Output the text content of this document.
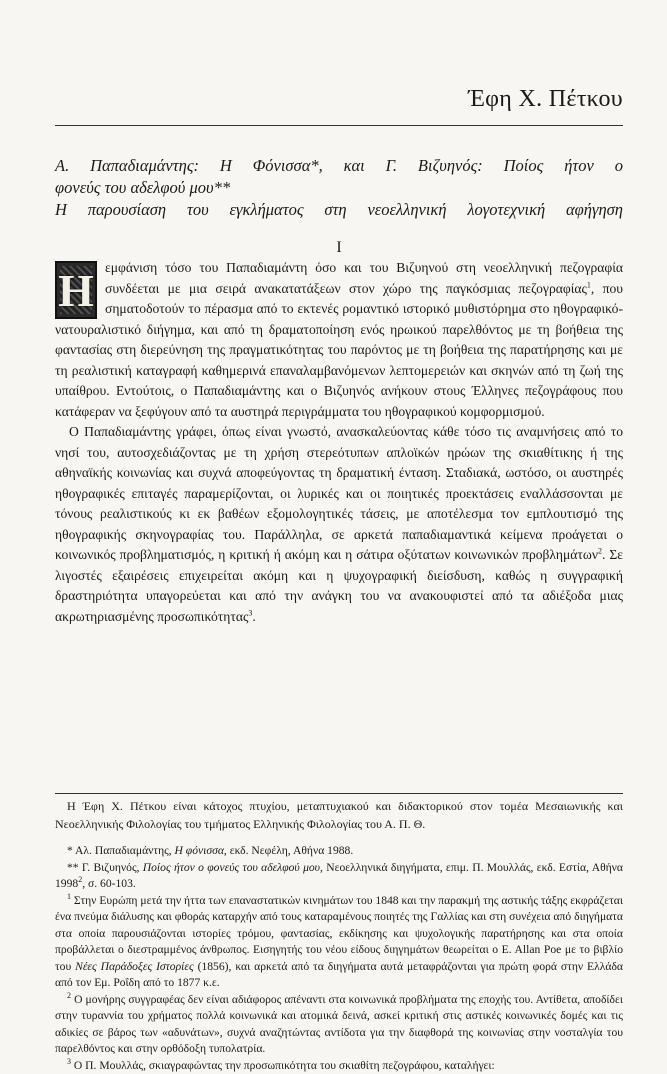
Έφη Χ. Πέτκου
Α. Παπαδιαμάντης: Η Φόνισσα*, και Γ. Βιζυηνός: Ποίος ήτον ο
φονεύς του αδελφού μου**
Η παρουσίαση του εγκλήματος στη νεοελληνική λογοτεχνική αφήγηση
Ι

Η εμφάνιση τόσο του Παπαδιαμάντη όσο και του Βιζυηνού στη νεοελληνική πεζογραφία συνδέεται με μια σειρά ανακατατάξεων στον χώρο της παγκόσμιας πεζογραφίας$^1$, που σηματοδοτούν το πέρασμα από το εκτενές ρομαντικό ιστορικό μυθιστόρημα στο ηθογραφικό-νατουραλιστικό διήγημα, και από τη δραματοποίηση ενός ηρωικού παρελθόντος με τη βοήθεια της φαντασίας στη διερεύνηση της πραγματικότητας του παρόντος με τη βοήθεια της παρατήρησης και με τη ρεαλιστική καταγραφή καθημερινά επαναλαμβανόμενων λεπτομερειών και σκηνών από τη ζωή της υπαίθρου. Εντούτοις, ο Παπαδιαμάντης και ο Βιζυηνός ανήκουν στους Έλληνες πεζογράφους που κατάφεραν να ξεφύγουν από τα αυστηρά περιγράμματα του ηθογραφικού κομφορμισμού.

Ο Παπαδιαμάντης γράφει, όπως είναι γνωστό, ανασκαλεύοντας κάθε τόσο τις αναμνήσεις από το νησί του, αυτοσχεδιάζοντας με τη χρήση στερεότυπων απλοϊκών ηρώων της σκιαθίτικης ή της αθηναϊκής κοινωνίας και συχνά αποφεύγοντας τη δραματική ένταση. Σταδιακά, ωστόσο, οι αυστηρές ηθογραφικές επιταγές παραμερίζονται, οι λυρικές και οι ποιητικές προεκτάσεις εναλλάσσονται με τόνους ρεαλιστικούς κι εκ βαθέων εξομολογητικές τάσεις, με αποτέλεσμα τον εμπλουτισμό της ηθογραφικής σκηνογραφίας του. Παράλληλα, σε αρκετά παπαδιαμαντικά κείμενα προάγεται ο κοινωνικός προβληματισμός, η κριτική ή ακόμη και η σάτιρα οξύτατων κοινωνικών προβλημάτων$^2$. Σε λιγοστές εξαιρέσεις επιχειρείται ακόμη και η ψυχογραφική διείσδυση, καθώς η συγγραφική δραστηριότητα υπαγορεύεται και από την ανάγκη του να ανακουφιστεί από τα αδιέξοδα μιας ακρωτηριασμένης προσωπικότητας$^3$.

Η Έφη Χ. Πέτκου είναι κάτοχος πτυχίου, μεταπτυχιακού και διδακτορικού στον τομέα Μεσαιωνικής και Νεοελληνικής Φιλολογίας του τμήματος Ελληνικής Φιλολογίας του Α. Π. Θ.

* Αλ. Παπαδιαμάντης, Η φόνισσα, εκδ. Νεφέλη, Αθήνα 1988.

** Γ. Βιζυηνός, Ποίος ήτον ο φονεύς του αδελφού μου, Νεοελληνικά διηγήματα, επιμ. Π. Μουλλάς, εκδ. Εστία, Αθήνα 1998$^2$, σ. 60-103.

$^1$ Στην Ευρώπη μετά την ήττα των επαναστατικών κινημάτων του 1848 και την παρακμή της αστικής τάξης εκφράζεται ένα πνεύμα διάλυσης και φθοράς καταρχήν από τους καταραμένους ποιητές της Γαλλίας και στη συνέχεια από διηγήματα στα οποία παρουσιάζονται ιστορίες τρόμου, φαντασίας, εκδίκησης και ψυχολογικής παρατήρησης και στα οποία προβάλλεται ο διεστραμμένος άνθρωπος. Εισηγητής του νέου είδους διηγημάτων θεωρείται ο E. Allan Poe με το βιβλίο του Νέες Παράδοξες Ιστορίες (1856), και αρκετά από τα διηγήματα αυτά μεταφράζονται για πρώτη φορά στην Ελλάδα από τον Εμ. Ροΐδη από το 1877 κ.ε.

$^2$ Ο μονήρης συγγραφέας δεν είναι αδιάφορος απέναντι στα κοινωνικά προβλήματα της εποχής του. Αντίθετα, αποδίδει στην τυραννία του χρήματος πολλά κοινωνικά και ατομικά δεινά, ασκεί κριτική στις αστικές κοινωνικές δομές και τις αδικίες σε βάρος των «αδυνάτων», συχνά αναζητώντας αντίδοτα για την διαφθορά της κοινωνίας στην νοσταλγία του παρελθόντος και στην ορθόδοξη τυπολατρία.

$^3$ Ο Π. Μουλλάς, σκιαγραφώντας την προσωπικότητα του σκιαθίτη πεζογράφου, καταλήγει:
